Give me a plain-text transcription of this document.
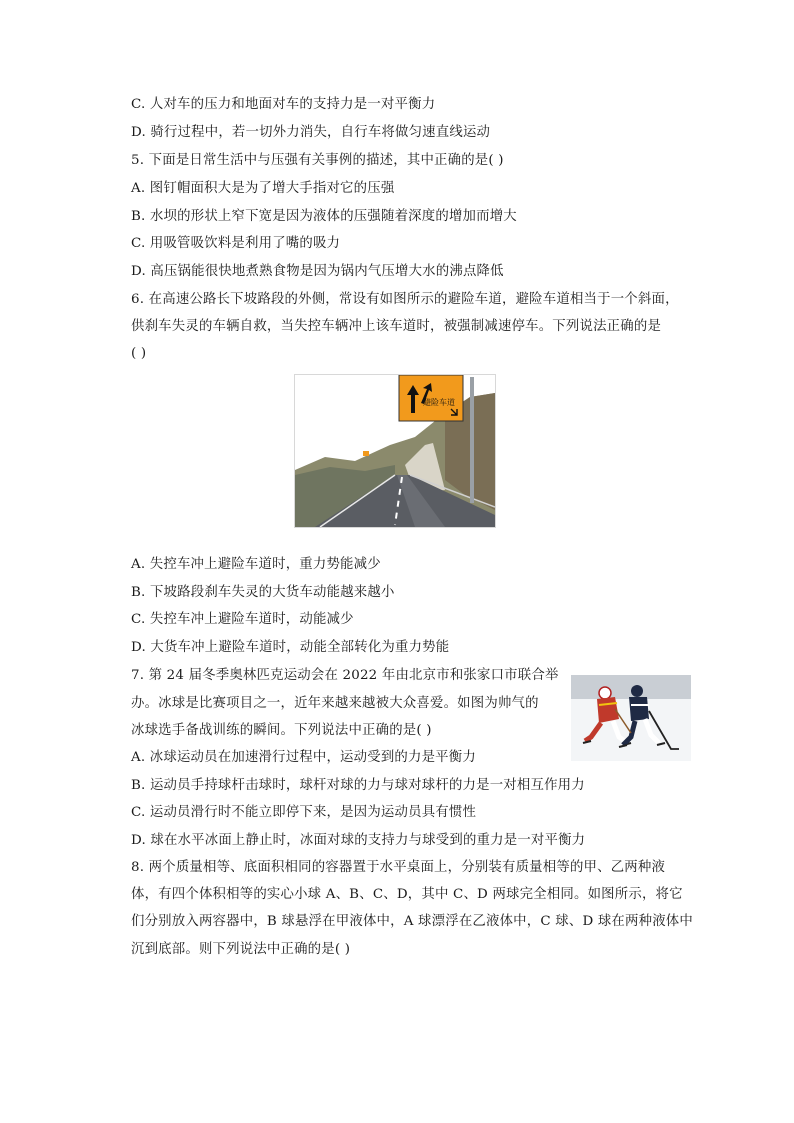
C. 人对车的压力和地面对车的支持力是一对平衡力
D. 骑行过程中，若一切外力消失，自行车将做匀速直线运动
5. 下面是日常生活中与压强有关事例的描述，其中正确的是( )
A. 图钉帽面积大是为了增大手指对它的压强
B. 水坝的形状上窄下宽是因为液体的压强随着深度的增加而增大
C. 用吸管吸饮料是利用了嘴的吸力
D. 高压锅能很快地煮熟食物是因为锅内气压增大水的沸点降低
6. 在高速公路长下坡路段的外侧，常设有如图所示的避险车道，避险车道相当于一个斜面，
供刹车失灵的车辆自救，当失控车辆冲上该车道时，被强制减速停车。下列说法正确的是
( )
避险车道
A. 失控车冲上避险车道时，重力势能减少
B. 下坡路段刹车失灵的大货车动能越来越小
C. 失控车冲上避险车道时，动能减少
D. 大货车冲上避险车道时，动能全部转化为重力势能
7. 第 24 届冬季奥林匹克运动会在 2022 年由北京市和张家口市联合举
办。冰球是比赛项目之一，近年来越来越被大众喜爱。如图为帅气的
冰球选手备战训练的瞬间。下列说法中正确的是( )
A. 冰球运动员在加速滑行过程中，运动受到的力是平衡力
B. 运动员手持球杆击球时，球杆对球的力与球对球杆的力是一对相互作用力
C. 运动员滑行时不能立即停下来，是因为运动员具有惯性
D. 球在水平冰面上静止时，冰面对球的支持力与球受到的重力是一对平衡力
8. 两个质量相等、底面积相同的容器置于水平桌面上，分别装有质量相等的甲、乙两种液
体，有四个体积相等的实心小球 A、B、C、D，其中 C、D 两球完全相同。如图所示，将它
们分别放入两容器中，B 球悬浮在甲液体中，A 球漂浮在乙液体中，C 球、D 球在两种液体中
沉到底部。则下列说法中正确的是( )
